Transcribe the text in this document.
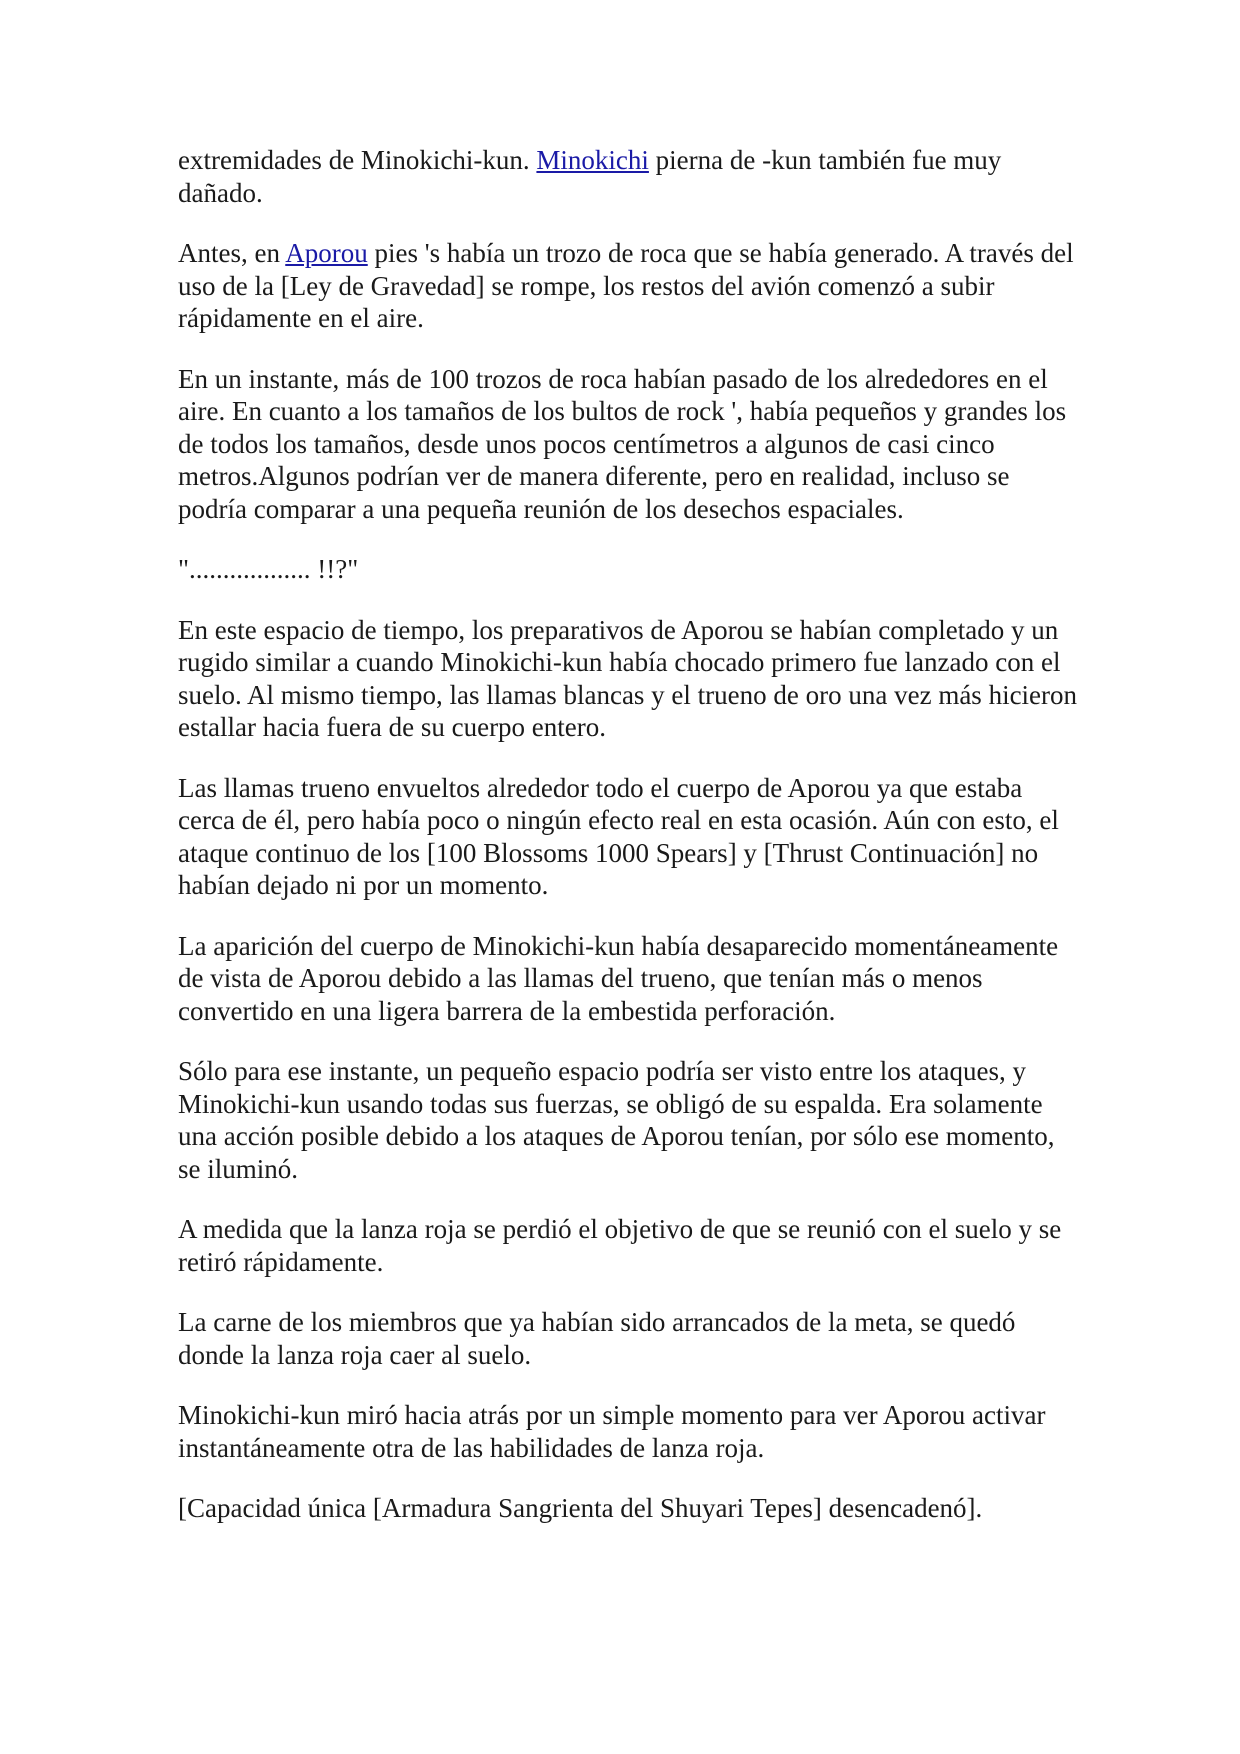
extremidades de Minokichi-kun. Minokichi pierna de -kun también fue muy dañado.

Antes, en Aporou pies 's había un trozo de roca que se había generado. A través del uso de la [Ley de Gravedad] se rompe, los restos del avión comenzó a subir rápidamente en el aire.

En un instante, más de 100 trozos de roca habían pasado de los alrededores en el aire. En cuanto a los tamaños de los bultos de rock ', había pequeños y grandes los de todos los tamaños, desde unos pocos centímetros a algunos de casi cinco metros.Algunos podrían ver de manera diferente, pero en realidad, incluso se podría comparar a una pequeña reunión de los desechos espaciales.

".................. !!?"

En este espacio de tiempo, los preparativos de Aporou se habían completado y un rugido similar a cuando Minokichi-kun había chocado primero fue lanzado con el suelo. Al mismo tiempo, las llamas blancas y el trueno de oro una vez más hicieron estallar hacia fuera de su cuerpo entero.

Las llamas trueno envueltos alrededor todo el cuerpo de Aporou ya que estaba cerca de él, pero había poco o ningún efecto real en esta ocasión. Aún con esto, el ataque continuo de los [100 Blossoms 1000 Spears] y [Thrust Continuación] no habían dejado ni por un momento.

La aparición del cuerpo de Minokichi-kun había desaparecido momentáneamente de vista de Aporou debido a las llamas del trueno, que tenían más o menos convertido en una ligera barrera de la embestida perforación.

Sólo para ese instante, un pequeño espacio podría ser visto entre los ataques, y Minokichi-kun usando todas sus fuerzas, se obligó de su espalda. Era solamente una acción posible debido a los ataques de Aporou tenían, por sólo ese momento, se iluminó.

A medida que la lanza roja se perdió el objetivo de que se reunió con el suelo y se retiró rápidamente.

La carne de los miembros que ya habían sido arrancados de la meta, se quedó donde la lanza roja caer al suelo.

Minokichi-kun miró hacia atrás por un simple momento para ver Aporou activar instantáneamente otra de las habilidades de lanza roja.

[Capacidad única [Armadura Sangrienta del Shuyari Tepes] desencadenó].
